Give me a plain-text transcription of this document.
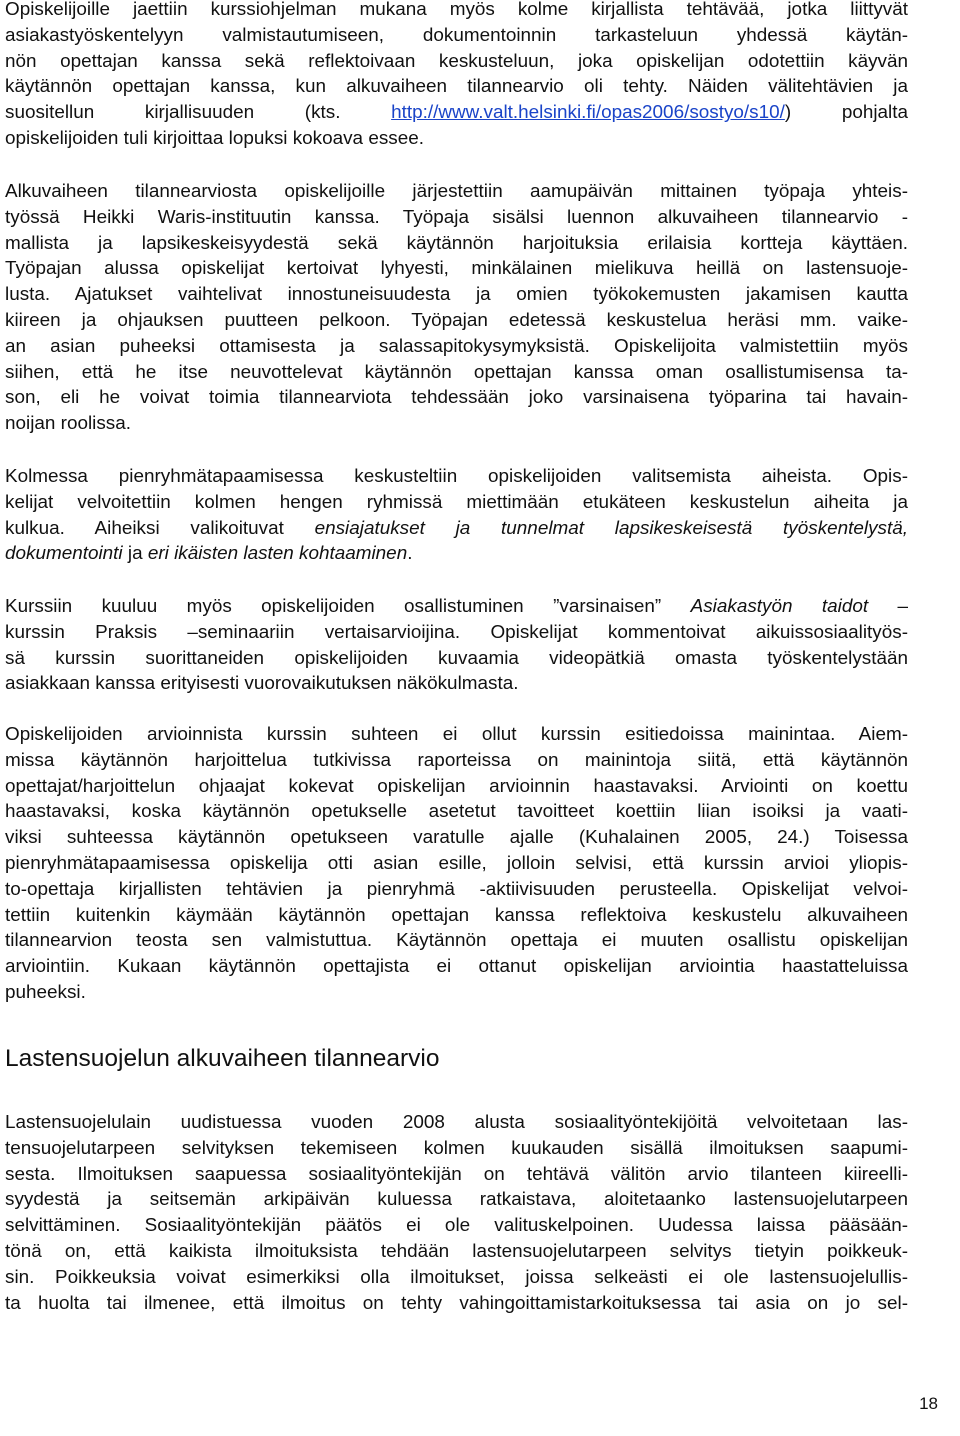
Opiskelijoille jaettiin kurssiohjelman mukana myös kolme kirjallista tehtävää, jotka liittyvät
asiakastyöskentelyyn valmistautumiseen, dokumentoinnin tarkasteluun yhdessä käytän-
nön opettajan kanssa sekä reflektoivaan keskusteluun, joka opiskelijan odotettiin käyvän
käytännön opettajan kanssa, kun alkuvaiheen tilannearvio oli tehty. Näiden välitehtävien ja
suositellun kirjallisuuden (kts. http://www.valt.helsinki.fi/opas2006/sostyo/s10/) pohjalta
opiskelijoiden tuli kirjoittaa lopuksi kokoava essee.
Alkuvaiheen tilannearviosta opiskelijoille järjestettiin aamupäivän mittainen työpaja yhteis-
työssä Heikki Waris-instituutin kanssa. Työpaja sisälsi luennon alkuvaiheen tilannearvio -
mallista ja lapsikeskeisyydestä sekä käytännön harjoituksia erilaisia kortteja käyttäen.
Työpajan alussa opiskelijat kertoivat lyhyesti, minkälainen mielikuva heillä on lastensuoje-
lusta. Ajatukset vaihtelivat innostuneisuudesta ja omien työkokemusten jakamisen kautta
kiireen ja ohjauksen puutteen pelkoon. Työpajan edetessä keskustelua heräsi mm. vaike-
an asian puheeksi ottamisesta ja salassapitokysymyksistä. Opiskelijoita valmistettiin myös
siihen, että he itse neuvottelevat käytännön opettajan kanssa oman osallistumisensa ta-
son, eli he voivat toimia tilannearviota tehdessään joko varsinaisena työparina tai havain-
noijan roolissa.
Kolmessa pienryhmätapaamisessa keskusteltiin opiskelijoiden valitsemista aiheista. Opis-
kelijat velvoitettiin kolmen hengen ryhmissä miettimään etukäteen keskustelun aiheita ja
kulkua. Aiheiksi valikoituvat ensiajatukset ja tunnelmat lapsikeskeisestä työskentelystä,
dokumentointi ja eri ikäisten lasten kohtaaminen.
Kurssiin kuuluu myös opiskelijoiden osallistuminen ”varsinaisen” Asiakastyön taidot –
kurssin Praksis –seminaariin vertaisarvioijina. Opiskelijat kommentoivat aikuissosiaalityös-
sä kurssin suorittaneiden opiskelijoiden kuvaamia videopätkiä omasta työskentelystään
asiakkaan kanssa erityisesti vuorovaikutuksen näkökulmasta.
Opiskelijoiden arvioinnista kurssin suhteen ei ollut kurssin esitiedoissa mainintaa. Aiem-
missa käytännön harjoittelua tutkivissa raporteissa on mainintoja siitä, että käytännön
opettajat/harjoittelun ohjaajat kokevat opiskelijan arvioinnin haastavaksi. Arviointi on koettu
haastavaksi, koska käytännön opetukselle asetetut tavoitteet koettiin liian isoiksi ja vaati-
viksi suhteessa käytännön opetukseen varatulle ajalle (Kuhalainen 2005, 24.) Toisessa
pienryhmätapaamisessa opiskelija otti asian esille, jolloin selvisi, että kurssin arvioi yliopis-
to-opettaja kirjallisten tehtävien ja pienryhmä -aktiivisuuden perusteella. Opiskelijat velvoi-
tettiin kuitenkin käymään käytännön opettajan kanssa reflektoiva keskustelu alkuvaiheen
tilannearvion teosta sen valmistuttua. Käytännön opettaja ei muuten osallistu opiskelijan
arviointiin. Kukaan käytännön opettajista ei ottanut opiskelijan arviointia haastatteluissa
puheeksi.
Lastensuojelun alkuvaiheen tilannearvio
Lastensuojelulain uudistuessa vuoden 2008 alusta sosiaalityöntekijöitä velvoitetaan las-
tensuojelutarpeen selvityksen tekemiseen kolmen kuukauden sisällä ilmoituksen saapumi-
sesta. Ilmoituksen saapuessa sosiaalityöntekijän on tehtävä välitön arvio tilanteen kiireelli-
syydestä ja seitsemän arkipäivän kuluessa ratkaistava, aloitetaanko lastensuojelutarpeen
selvittäminen. Sosiaalityöntekijän päätös ei ole valituskelpoinen. Uudessa laissa pääsään-
tönä on, että kaikista ilmoituksista tehdään lastensuojelutarpeen selvitys tietyin poikkeuk-
sin. Poikkeuksia voivat esimerkiksi olla ilmoitukset, joissa selkeästi ei ole lastensuojelullis-
ta huolta tai ilmenee, että ilmoitus on tehty vahingoittamistarkoituksessa tai asia on jo sel-
18
